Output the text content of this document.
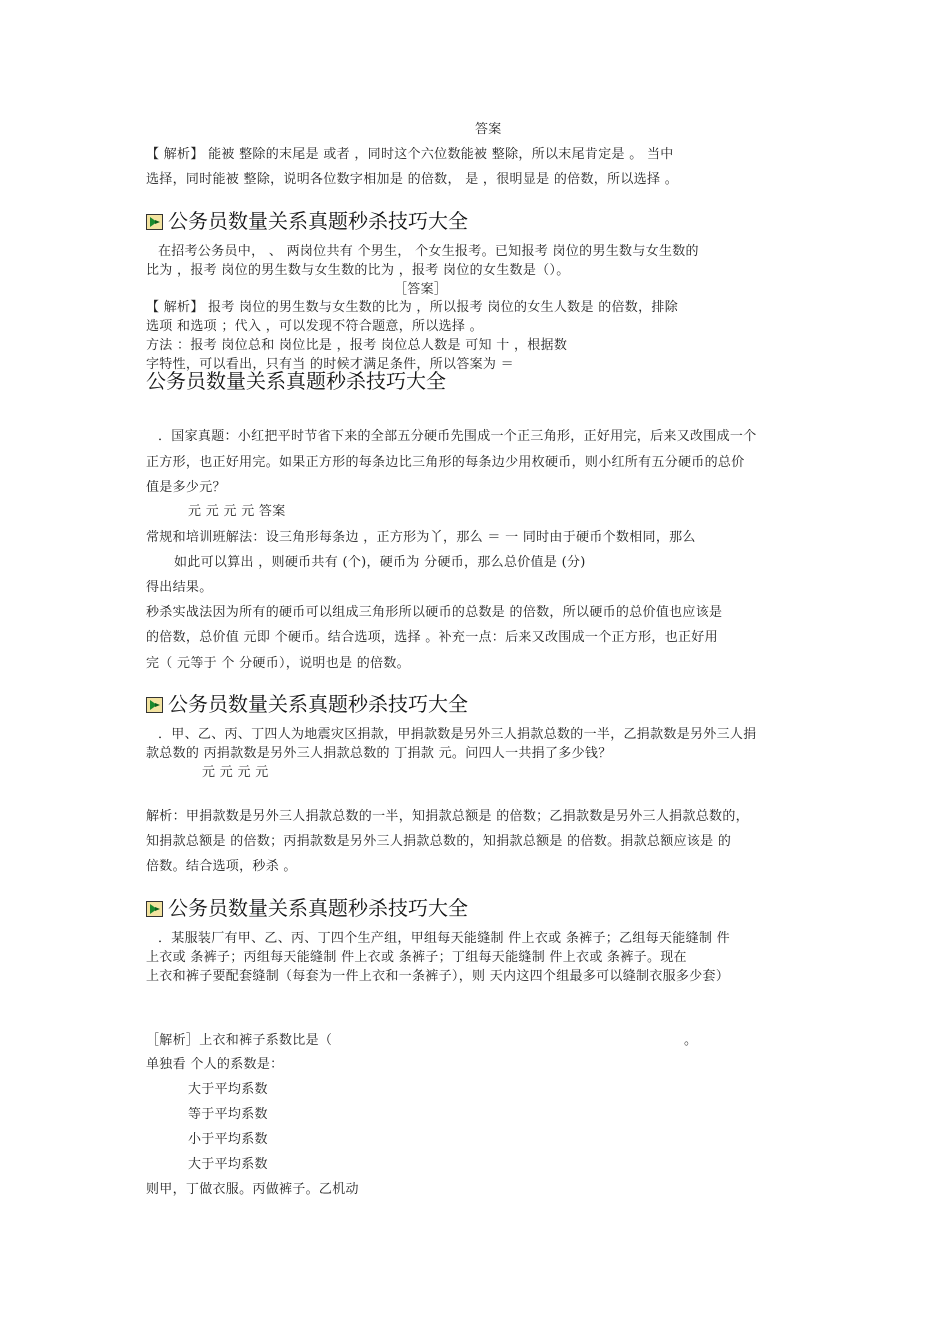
答案
【 解析】 能被 整除的末尾是 或者 ，同时这个六位数能被 整除，所以末尾肯定是 。 当中
选择，同时能被 整除，说明各位数字相加是 的倍数， 是 ，很明显是 的倍数，所以选择 。
公务员数量关系真题秒杀技巧大全
在招考公务员中， 、 两岗位共有 个男生， 个女生报考。已知报考 岗位的男生数与女生数的
比为 ，报考 岗位的男生数与女生数的比为 ，报考 岗位的女生数是（）。
［答案］
【 解析】 报考 岗位的男生数与女生数的比为 ，所以报考 岗位的女生人数是 的倍数，排除
选项 和选项 ；代入 ，可以发现不符合题意，所以选择 。
方法 ：报考 岗位总和 岗位比是 ，报考 岗位总人数是 可知 十 ，根据数
字特性，可以看出，只有当 的时候才满足条件，所以答案为 ＝
公务员数量关系真题秒杀技巧大全
．国家真题：小红把平时节省下来的全部五分硬币先围成一个正三角形，正好用完，后来又改围成一个
正方形，也正好用完。如果正方形的每条边比三角形的每条边少用枚硬币，则小红所有五分硬币的总价
值是多少元？
元 元 元 元 答案
常规和培训班解法：设三角形每条边 ，正方形为丫，那么 ＝ 一 同时由于硬币个数相同，那么
如此可以算出 ，则硬币共有 (个)，硬币为 分硬币，那么总价值是 (分)
得出结果。
秒杀实战法因为所有的硬币可以组成三角形所以硬币的总数是 的倍数，所以硬币的总价值也应该是
的倍数，总价值 元即 个硬币。结合选项，选择 。补充一点：后来又改围成一个正方形，也正好用
完（ 元等于 个 分硬币），说明也是 的倍数。
公务员数量关系真题秒杀技巧大全
．甲、乙、丙、丁四人为地震灾区捐款，甲捐款数是另外三人捐款总数的一半，乙捐款数是另外三人捐
款总数的 丙捐款数是另外三人捐款总数的 丁捐款 元。问四人一共捐了多少钱？
元 元 元 元
解析：甲捐款数是另外三人捐款总数的一半，知捐款总额是 的倍数；乙捐款数是另外三人捐款总数的，
知捐款总额是 的倍数；丙捐款数是另外三人捐款总数的，知捐款总额是 的倍数。捐款总额应该是 的
倍数。结合选项，秒杀 。
公务员数量关系真题秒杀技巧大全
．某服装厂有甲、乙、丙、丁四个生产组，甲组每天能缝制 件上衣或 条裤子；乙组每天能缝制 件
上衣或 条裤子；丙组每天能缝制 件上衣或 条裤子；丁组每天能缝制 件上衣或 条裤子。现在
上衣和裤子要配套缝制（每套为一件上衣和一条裤子），则 天内这四个组最多可以缝制衣服多少套）
［解析］上衣和裤子系数比是（	。
单独看 个人的系数是：
大于平均系数
等于平均系数
小于平均系数
大于平均系数
则甲，丁做衣服。丙做裤子。乙机动
